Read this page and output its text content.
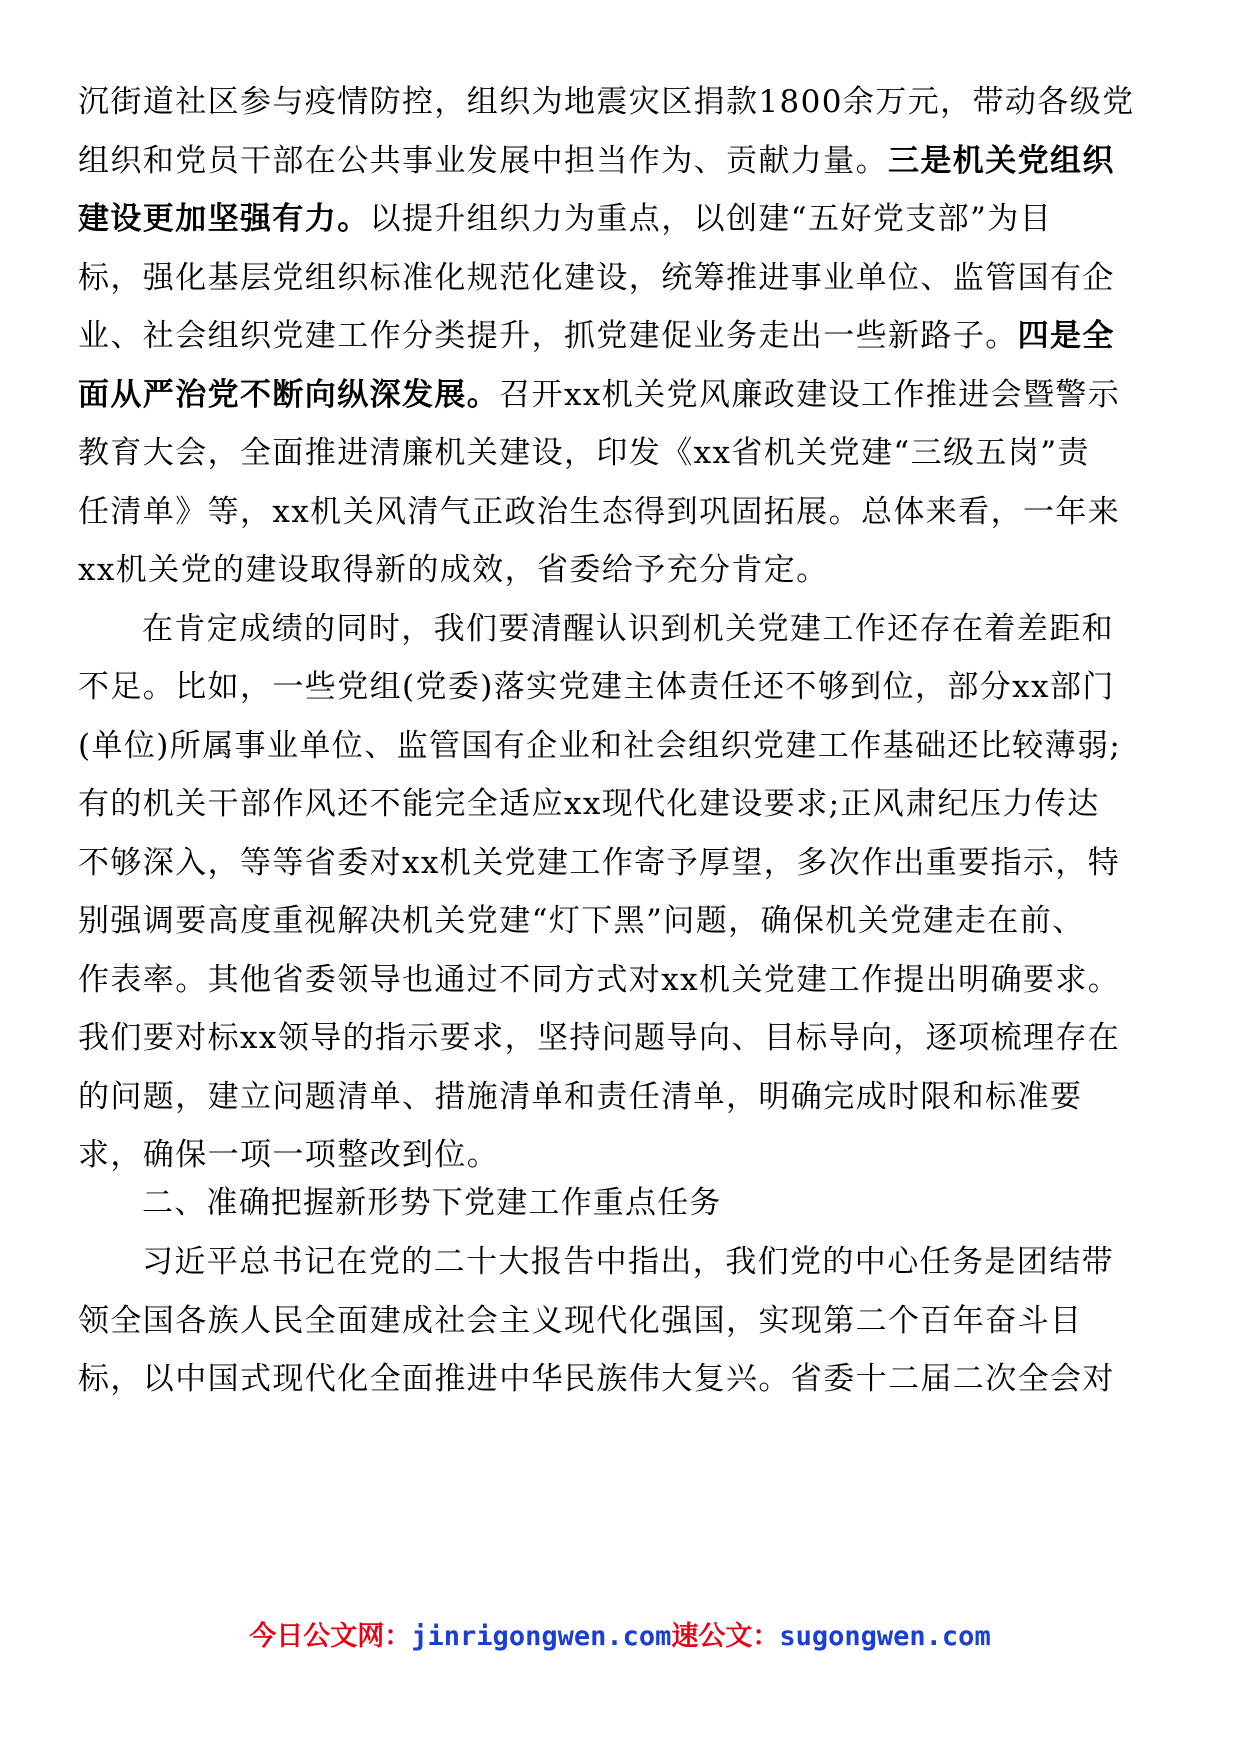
沉街道社区参与疫情防控，组织为地震灾区捐款1800余万元，带动各级党
组织和党员干部在公共事业发展中担当作为、贡献力量。三是机关党组织
建设更加坚强有力。以提升组织力为重点，以创建“五好党支部”为目
标，强化基层党组织标准化规范化建设，统筹推进事业单位、监管国有企
业、社会组织党建工作分类提升，抓党建促业务走出一些新路子。四是全
面从严治党不断向纵深发展。召开xx机关党风廉政建设工作推进会暨警示
教育大会，全面推进清廉机关建设，印发《xx省机关党建“三级五岗”责
任清单》等，xx机关风清气正政治生态得到巩固拓展。总体来看，一年来
xx机关党的建设取得新的成效，省委给予充分肯定。
在肯定成绩的同时，我们要清醒认识到机关党建工作还存在着差距和
不足。比如，一些党组(党委)落实党建主体责任还不够到位，部分xx部门
(单位)所属事业单位、监管国有企业和社会组织党建工作基础还比较薄弱;
有的机关干部作风还不能完全适应xx现代化建设要求;正风肃纪压力传达
不够深入，等等省委对xx机关党建工作寄予厚望，多次作出重要指示，特
别强调要高度重视解决机关党建“灯下黑”问题，确保机关党建走在前、
作表率。其他省委领导也通过不同方式对xx机关党建工作提出明确要求。
我们要对标xx领导的指示要求，坚持问题导向、目标导向，逐项梳理存在
的问题，建立问题清单、措施清单和责任清单，明确完成时限和标准要
求，确保一项一项整改到位。
二、准确把握新形势下党建工作重点任务
习近平总书记在党的二十大报告中指出，我们党的中心任务是团结带
领全国各族人民全面建成社会主义现代化强国，实现第二个百年奋斗目
标，以中国式现代化全面推进中华民族伟大复兴。省委十二届二次全会对
今日公文网：jinrigongwen.com速公文：sugongwen.com
